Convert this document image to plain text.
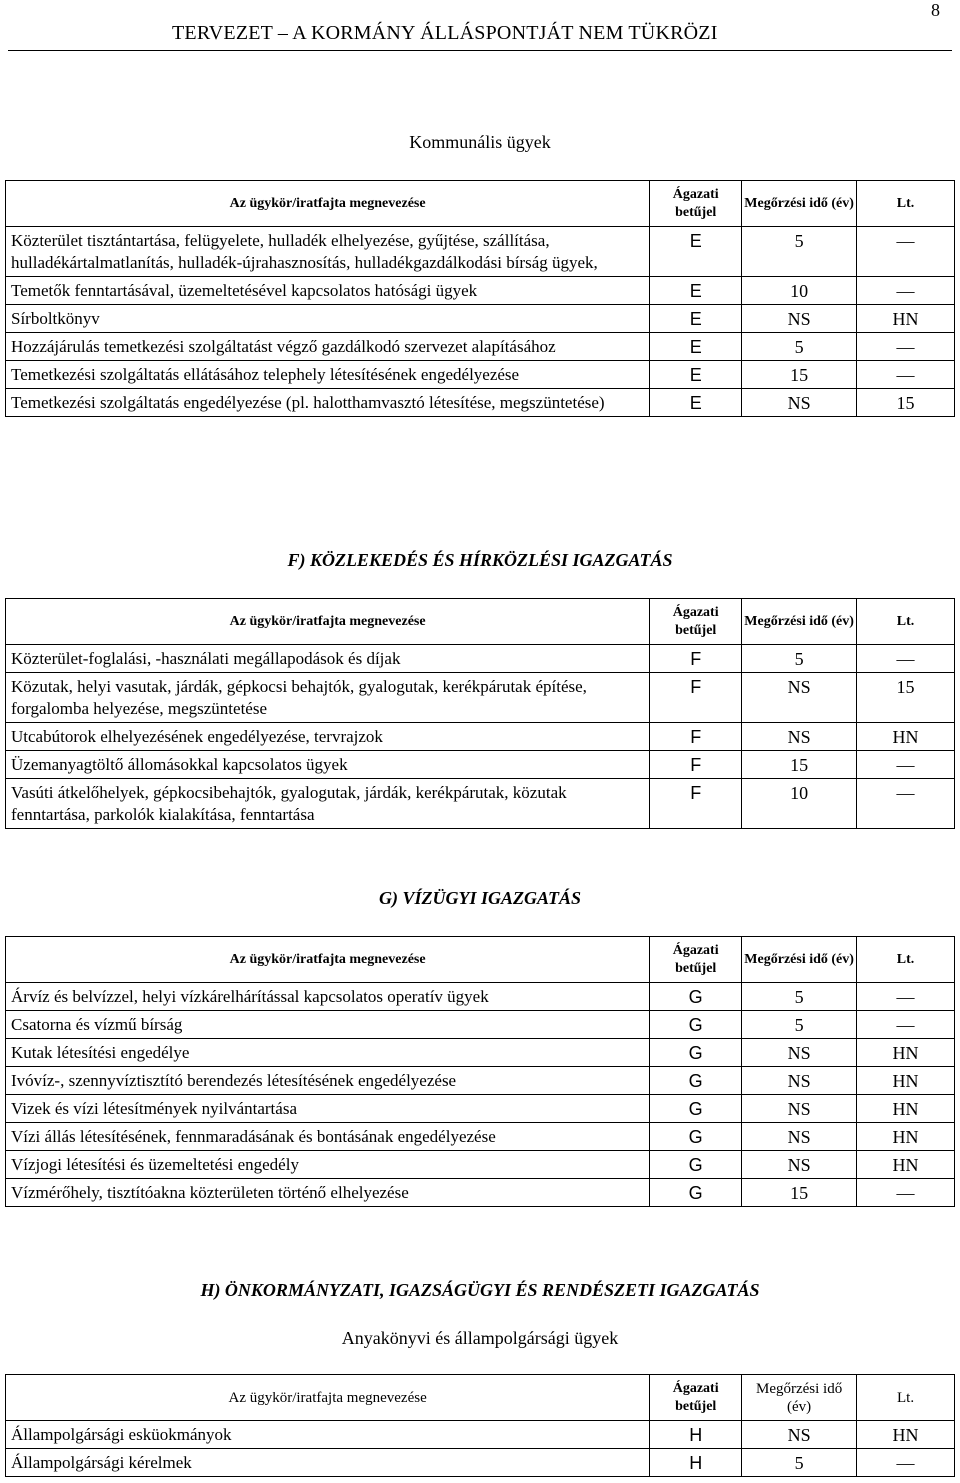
8
TERVEZET – A KORMÁNY ÁLLÁSPONTJÁT NEM TÜKRÖZI
Kommunális ügyek
Az ügykör/iratfajta megnevezése	Ágazati betűjel	Megőrzési idő (év)	Lt.
Közterület tisztántartása, felügyelete, hulladék elhelyezése, gyűjtése, szállítása, hulladékártalmatlanítás, hulladék-újrahasznosítás, hulladékgazdálkodási bírság ügyek,	E	5	—
Temetők fenntartásával, üzemeltetésével kapcsolatos hatósági ügyek	E	10	—
Sírboltkönyv	E	NS	HN
Hozzájárulás temetkezési szolgáltatást végző gazdálkodó szervezet alapításához	E	5	—
Temetkezési szolgáltatás ellátásához telephely létesítésének engedélyezése	E	15	—
Temetkezési szolgáltatás engedélyezése (pl. halotthamvasztó létesítése, megszüntetése)	E	NS	15
F) KÖZLEKEDÉS ÉS HÍRKÖZLÉSI IGAZGATÁS
Az ügykör/iratfajta megnevezése	Ágazati betűjel	Megőrzési idő (év)	Lt.
Közterület-foglalási, -használati megállapodások és díjak	F	5	—
Közutak, helyi vasutak, járdák, gépkocsi behajtók, gyalogutak, kerékpárutak építése, forgalomba helyezése, megszüntetése	F	NS	15
Utcabútorok elhelyezésének engedélyezése, tervrajzok	F	NS	HN
Üzemanyagtöltő állomásokkal kapcsolatos ügyek	F	15	—
Vasúti átkelőhelyek, gépkocsibehajtók, gyalogutak, járdák, kerékpárutak, közutak fenntartása, parkolók kialakítása, fenntartása	F	10	—
G) VÍZÜGYI IGAZGATÁS
Az ügykör/iratfajta megnevezése	Ágazati betűjel	Megőrzési idő (év)	Lt.
Árvíz és belvízzel, helyi vízkárelhárítással kapcsolatos operatív ügyek	G	5	—
Csatorna és vízmű bírság	G	5	—
Kutak létesítési engedélye	G	NS	HN
Ivóvíz-, szennyvíztisztító berendezés létesítésének engedélyezése	G	NS	HN
Vizek és vízi létesítmények nyilvántartása	G	NS	HN
Vízi állás létesítésének, fennmaradásának és bontásának engedélyezése	G	NS	HN
Vízjogi létesítési és üzemeltetési engedély	G	NS	HN
Vízmérőhely, tisztítóakna közterületen történő elhelyezése	G	15	—
H) ÖNKORMÁNYZATI, IGAZSÁGÜGYI ÉS RENDÉSZETI IGAZGATÁS
Anyakönyvi és állampolgársági ügyek
Az ügykör/iratfajta megnevezése	Ágazati betűjel	Megőrzési idő (év)	Lt.
Állampolgársági esküokmányok	H	NS	HN
Állampolgársági kérelmek	H	5	—
